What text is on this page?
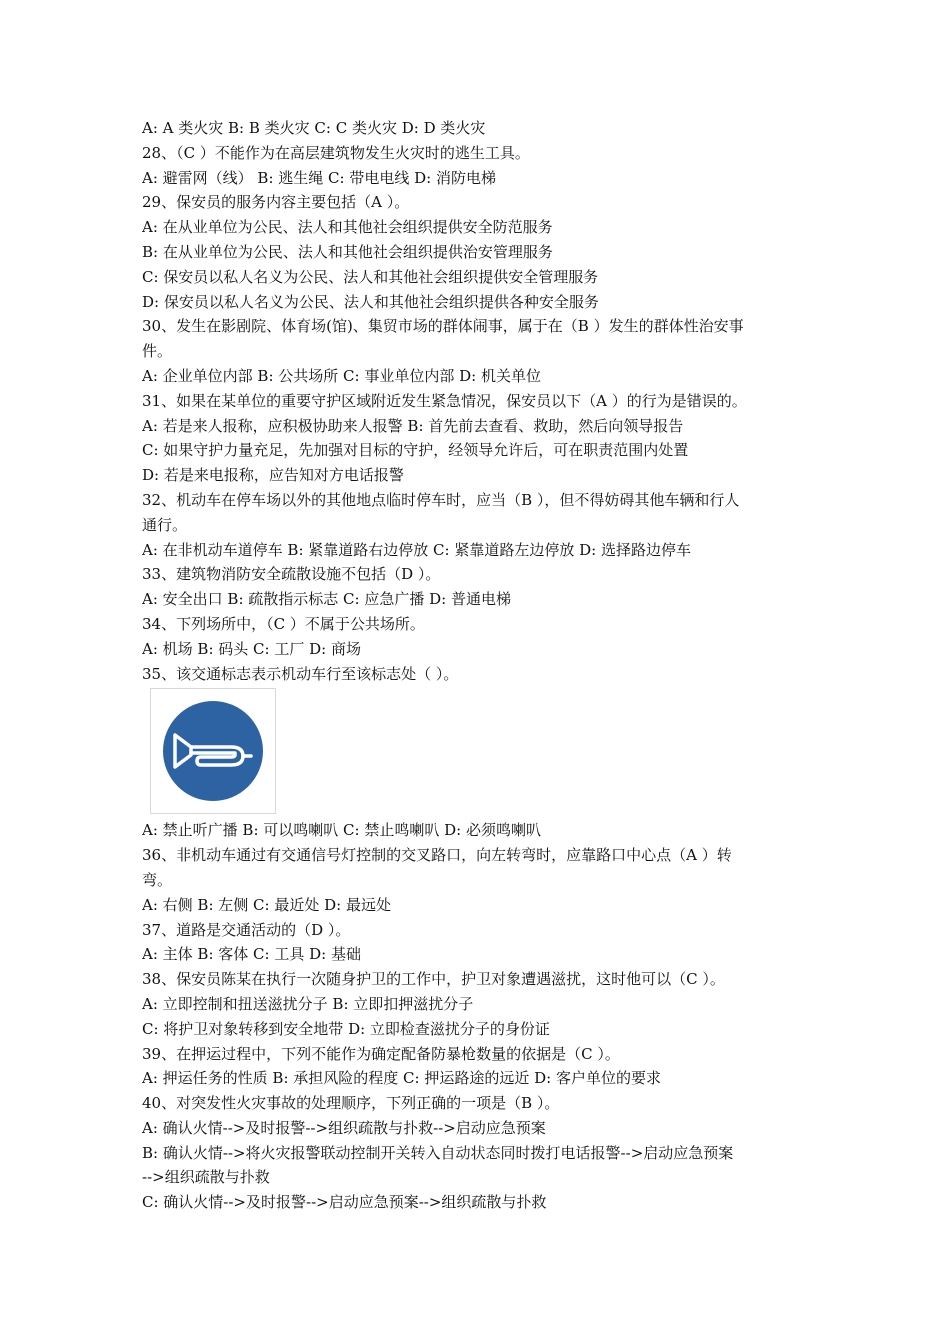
A: A 类火灾 B: B 类火灾 C: C 类火灾 D: D 类火灾
28、（C ）不能作为在高层建筑物发生火灾时的逃生工具。
A: 避雷网（线） B: 逃生绳 C: 带电电线 D: 消防电梯
29、保安员的服务内容主要包括（A ）。
A: 在从业单位为公民、法人和其他社会组织提供安全防范服务
B: 在从业单位为公民、法人和其他社会组织提供治安管理服务
C: 保安员以私人名义为公民、法人和其他社会组织提供安全管理服务
D: 保安员以私人名义为公民、法人和其他社会组织提供各种安全服务
30、发生在影剧院、体育场(馆)、集贸市场的群体闹事，属于在（B ）发生的群体性治安事
件。
A: 企业单位内部 B: 公共场所 C: 事业单位内部 D: 机关单位
31、如果在某单位的重要守护区域附近发生紧急情况，保安员以下（A ）的行为是错误的。
A: 若是来人报称，应积极协助来人报警 B: 首先前去查看、救助，然后向领导报告
C: 如果守护力量充足，先加强对目标的守护，经领导允许后，可在职责范围内处置
D: 若是来电报称，应告知对方电话报警
32、机动车在停车场以外的其他地点临时停车时，应当（B ），但不得妨碍其他车辆和行人
通行。
A: 在非机动车道停车 B: 紧靠道路右边停放 C: 紧靠道路左边停放 D: 选择路边停车
33、建筑物消防安全疏散设施不包括（D ）。
A: 安全出口 B: 疏散指示标志 C: 应急广播 D: 普通电梯
34、下列场所中，（C ）不属于公共场所。
A: 机场 B: 码头 C: 工厂 D: 商场
35、该交通标志表示机动车行至该标志处（ ）。
A: 禁止听广播 B: 可以鸣喇叭 C: 禁止鸣喇叭 D: 必须鸣喇叭
36、非机动车通过有交通信号灯控制的交叉路口，向左转弯时，应靠路口中心点（A ）转
弯。
A: 右侧 B: 左侧 C: 最近处 D: 最远处
37、道路是交通活动的（D ）。
A: 主体 B: 客体 C: 工具 D: 基础
38、保安员陈某在执行一次随身护卫的工作中，护卫对象遭遇滋扰，这时他可以（C ）。
A: 立即控制和扭送滋扰分子 B: 立即扣押滋扰分子
C: 将护卫对象转移到安全地带 D: 立即检查滋扰分子的身份证
39、在押运过程中，下列不能作为确定配备防暴枪数量的依据是（C ）。
A: 押运任务的性质 B: 承担风险的程度 C: 押运路途的远近 D: 客户单位的要求
40、对突发性火灾事故的处理顺序，下列正确的一项是（B ）。
A: 确认火情-->及时报警-->组织疏散与扑救-->启动应急预案
B: 确认火情-->将火灾报警联动控制开关转入自动状态同时拨打电话报警-->启动应急预案
-->组织疏散与扑救
C: 确认火情-->及时报警-->启动应急预案-->组织疏散与扑救
